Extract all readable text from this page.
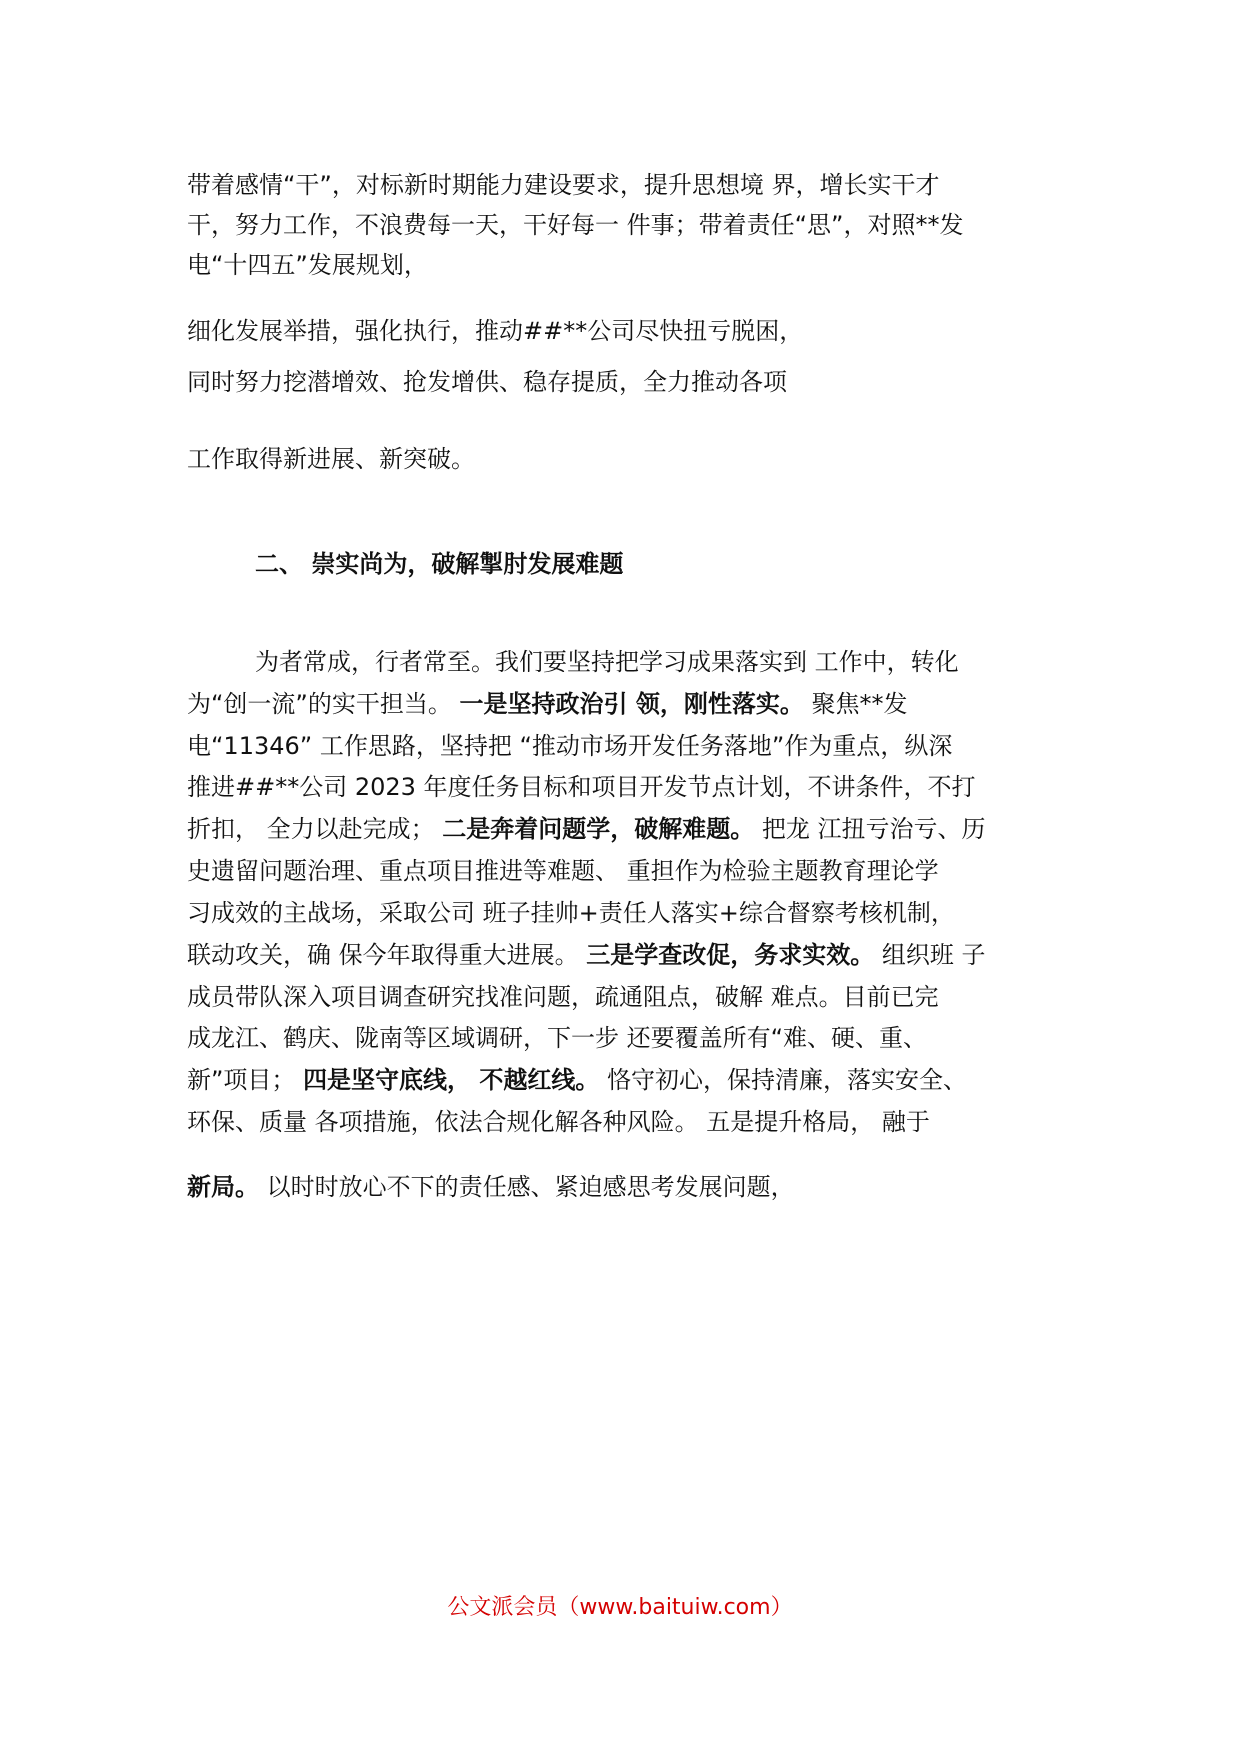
带着感情“干”，对标新时期能力建设要求，提升思想境 界，增长实干才
干，努力工作，不浪费每一天，干好每一 件事；带着责任“思”，对照**发
电“十四五”发展规划，
细化发展举措，强化执行，推动##**公司尽快扭亏脱困，
同时努力挖潜增效、抢发增供、稳存提质，全力推动各项
工作取得新进展、新突破。
二、 崇实尚为，破解掣肘发展难题
为者常成，行者常至。我们要坚持把学习成果落实到 工作中，转化
为“创一流”的实干担当。 一是坚持政治引 领，刚性落实。 聚焦**发
电“11346” 工作思路，坚持把 “推动市场开发任务落地”作为重点，纵深
推进##**公司 2023 年度任务目标和项目开发节点计划，不讲条件，不打
折扣， 全力以赴完成； 二是奔着问题学，破解难题。 把龙 江扭亏治亏、历
史遗留问题治理、重点项目推进等难题、 重担作为检验主题教育理论学
习成效的主战场，采取公司 班子挂帅+责任人落实+综合督察考核机制，
联动攻关，确 保今年取得重大进展。 三是学查改促，务求实效。 组织班 子
成员带队深入项目调查研究找准问题，疏通阻点，破解 难点。目前已完
成龙江、鹤庆、陇南等区域调研，下一步 还要覆盖所有“难、硬、重、
新”项目； 四是坚守底线， 不越红线。 恪守初心，保持清廉，落实安全、
环保、质量 各项措施，依法合规化解各种风险。 五是提升格局， 融于
新局。 以时时放心不下的责任感、紧迫感思考发展问题，
公文派会员（www.baituiw.com）
